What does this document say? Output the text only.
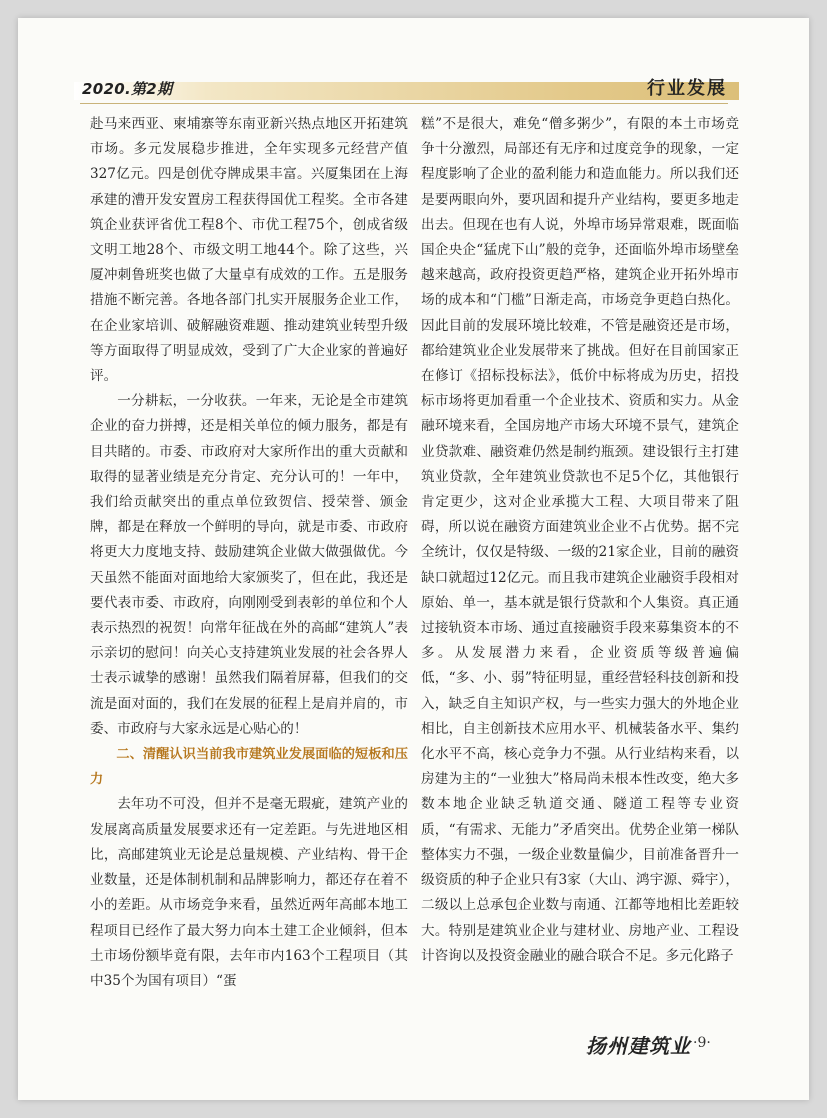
2020.第2期	行业发展

赴马来西亚、柬埔寨等东南亚新兴热点地区开拓建筑市场。多元发展稳步推进，全年实现多元经营产值327亿元。四是创优夺牌成果丰富。兴厦集团在上海承建的漕开发安置房工程获得国优工程奖。全市各建筑企业获评省优工程8个、市优工程75个，创成省级文明工地28个、市级文明工地44个。除了这些，兴厦冲刺鲁班奖也做了大量卓有成效的工作。五是服务措施不断完善。各地各部门扎实开展服务企业工作，在企业家培训、破解融资难题、推动建筑业转型升级等方面取得了明显成效，受到了广大企业家的普遍好评。

一分耕耘，一分收获。一年来，无论是全市建筑企业的奋力拼搏，还是相关单位的倾力服务，都是有目共睹的。市委、市政府对大家所作出的重大贡献和取得的显著业绩是充分肯定、充分认可的！一年中，我们给贡献突出的重点单位致贺信、授荣誉、颁金牌，都是在释放一个鲜明的导向，就是市委、市政府将更大力度地支持、鼓励建筑企业做大做强做优。今天虽然不能面对面地给大家颁奖了，但在此，我还是要代表市委、市政府，向刚刚受到表彰的单位和个人表示热烈的祝贺！向常年征战在外的高邮“建筑人”表示亲切的慰问！向关心支持建筑业发展的社会各界人士表示诚挚的感谢！虽然我们隔着屏幕，但我们的交流是面对面的，我们在发展的征程上是肩并肩的，市委、市政府与大家永远是心贴心的！

二、清醒认识当前我市建筑业发展面临的短板和压力

去年功不可没，但并不是毫无瑕疵，建筑产业的发展离高质量发展要求还有一定差距。与先进地区相比，高邮建筑业无论是总量规模、产业结构、骨干企业数量，还是体制机制和品牌影响力，都还存在着不小的差距。从市场竞争来看，虽然近两年高邮本地工程项目已经作了最大努力向本土建工企业倾斜，但本土市场份额毕竟有限，去年市内163个工程项目（其中35个为国有项目）“蛋

糕”不是很大，难免“僧多粥少”，有限的本土市场竞争十分激烈，局部还有无序和过度竞争的现象，一定程度影响了企业的盈利能力和造血能力。所以我们还是要两眼向外，要巩固和提升产业结构，要更多地走出去。但现在也有人说，外埠市场异常艰难，既面临国企央企“猛虎下山”般的竞争，还面临外埠市场壁垒越来越高，政府投资更趋严格，建筑企业开拓外埠市场的成本和“门槛”日渐走高，市场竞争更趋白热化。因此目前的发展环境比较难，不管是融资还是市场，都给建筑业企业发展带来了挑战。但好在目前国家正在修订《招标投标法》，低价中标将成为历史，招投标市场将更加看重一个企业技术、资质和实力。从金融环境来看，全国房地产市场大环境不景气，建筑企业贷款难、融资难仍然是制约瓶颈。建设银行主打建筑业贷款，全年建筑业贷款也不足5个亿，其他银行肯定更少，这对企业承揽大工程、大项目带来了阻碍，所以说在融资方面建筑业企业不占优势。据不完全统计，仅仅是特级、一级的21家企业，目前的融资缺口就超过12亿元。而且我市建筑企业融资手段相对原始、单一，基本就是银行贷款和个人集资。真正通过接轨资本市场、通过直接融资手段来募集资本的不多。从发展潜力来看，企业资质等级普遍偏低，“多、小、弱”特征明显，重经营轻科技创新和投入，缺乏自主知识产权，与一些实力强大的外地企业相比，自主创新技术应用水平、机械装备水平、集约化水平不高，核心竞争力不强。从行业结构来看，以房建为主的“一业独大”格局尚未根本性改变，绝大多数本地企业缺乏轨道交通、隧道工程等专业资质，“有需求、无能力”矛盾突出。优势企业第一梯队整体实力不强，一级企业数量偏少，目前准备晋升一级资质的种子企业只有3家（大山、鸿宇源、舜宇），二级以上总承包企业数与南通、江都等地相比差距较大。特别是建筑业企业与建材业、房地产业、工程设计咨询以及投资金融业的融合联合不足。多元化路子

扬州建筑业 ·9·
